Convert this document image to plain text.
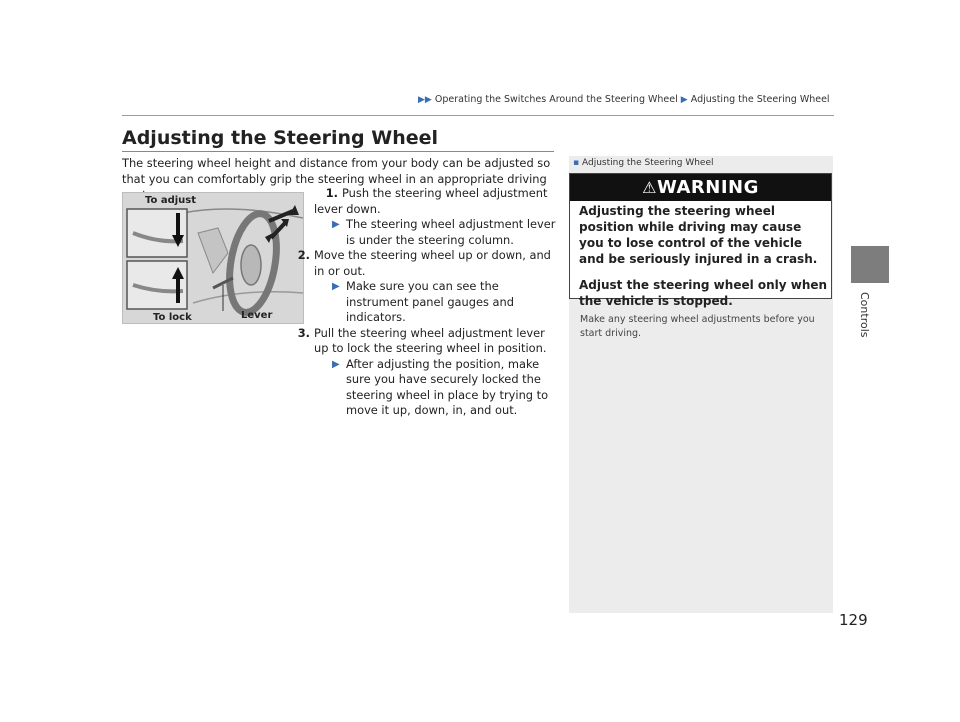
▶▶ Operating the Switches Around the Steering Wheel ▶ Adjusting the Steering Wheel
Adjusting the Steering Wheel
The steering wheel height and distance from your body can be adjusted so that you can comfortably grip the steering wheel in an appropriate driving
To adjust
To lock	Lever
1. Push the steering wheel adjustment lever down.
▶ The steering wheel adjustment lever is under the steering column.
2. Move the steering wheel up or down, and in or out.
▶ Make sure you can see the instrument panel gauges and indicators.
3. Pull the steering wheel adjustment lever up to lock the steering wheel in position.
▶ After adjusting the position, make sure you have securely locked the steering wheel in place by trying to move it up, down, in, and out.
▪ Adjusting the Steering Wheel
⚠WARNING
Adjusting the steering wheel position while driving may cause you to lose control of the vehicle and be seriously injured in a crash.
Adjust the steering wheel only when the vehicle is stopped.
Make any steering wheel adjustments before you start driving.	Controls
129
